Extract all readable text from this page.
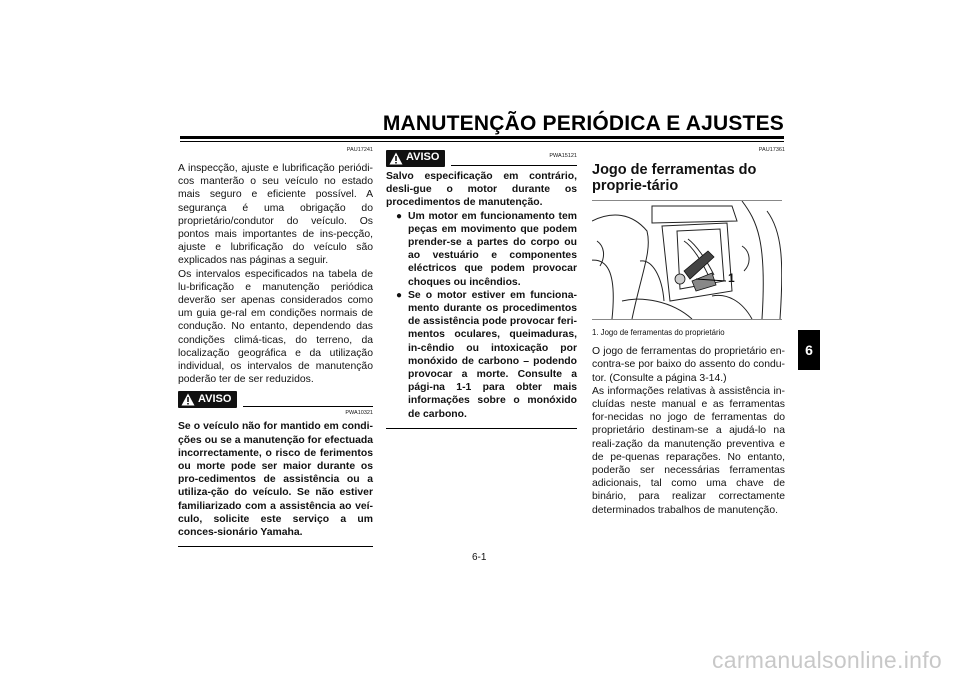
MANUTENÇÃO PERIÓDICA E AJUSTES
PAU17241

A inspecção, ajuste e lubrificação periódi-cos manterão o seu veículo no estado mais seguro e eficiente possível. A segurança é uma obrigação do proprietário/condutor do veículo. Os pontos mais importantes de ins-pecção, ajuste e lubrificação do veículo são explicados nas páginas a seguir.

Os intervalos especificados na tabela de lu-brificação e manutenção periódica deverão ser apenas considerados como um guia ge-ral em condições normais de condução. No entanto, dependendo das condições climá-ticas, do terreno, da localização geográfica e da utilização individual, os intervalos de manutenção poderão ter de ser reduzidos.

AVISO
PWA10321

Se o veículo não for mantido em condi-ções ou se a manutenção for efectuada incorrectamente, o risco de ferimentos ou morte pode ser maior durante os pro-cedimentos de assistência ou a utiliza-ção do veículo. Se não estiver familiarizado com a assistência ao veí-culo, solicite este serviço a um conces-sionário Yamaha.

AVISO	PWA15121

Salvo especificação em contrário, desli-gue o motor durante os procedimentos de manutenção.

● Um motor em funcionamento tem peças em movimento que podem prender-se a partes do corpo ou ao vestuário e componentes eléctricos que podem provocar choques ou incêndios.
● Se o motor estiver em funciona-mento durante os procedimentos de assistência pode provocar feri-mentos oculares, queimaduras, in-cêndio ou intoxicação por monóxido de carbono – podendo provocar a morte. Consulte a pági-na 1-1 para obter mais informações sobre o monóxido de carbono.
PAU17361
Jogo de ferramentas do proprie-tário
1
1. Jogo de ferramentas do proprietário

O jogo de ferramentas do proprietário en-contra-se por baixo do assento do condu-tor. (Consulte a página 3-14.)

As informações relativas à assistência in-cluídas neste manual e as ferramentas for-necidas no jogo de ferramentas do proprietário destinam-se a ajudá-lo na reali-zação da manutenção preventiva e de pe-quenas reparações. No entanto, poderão ser necessárias ferramentas adicionais, tal como uma chave de binário, para realizar correctamente determinados trabalhos de manutenção.

6-1
6
carmanualsonline.info
